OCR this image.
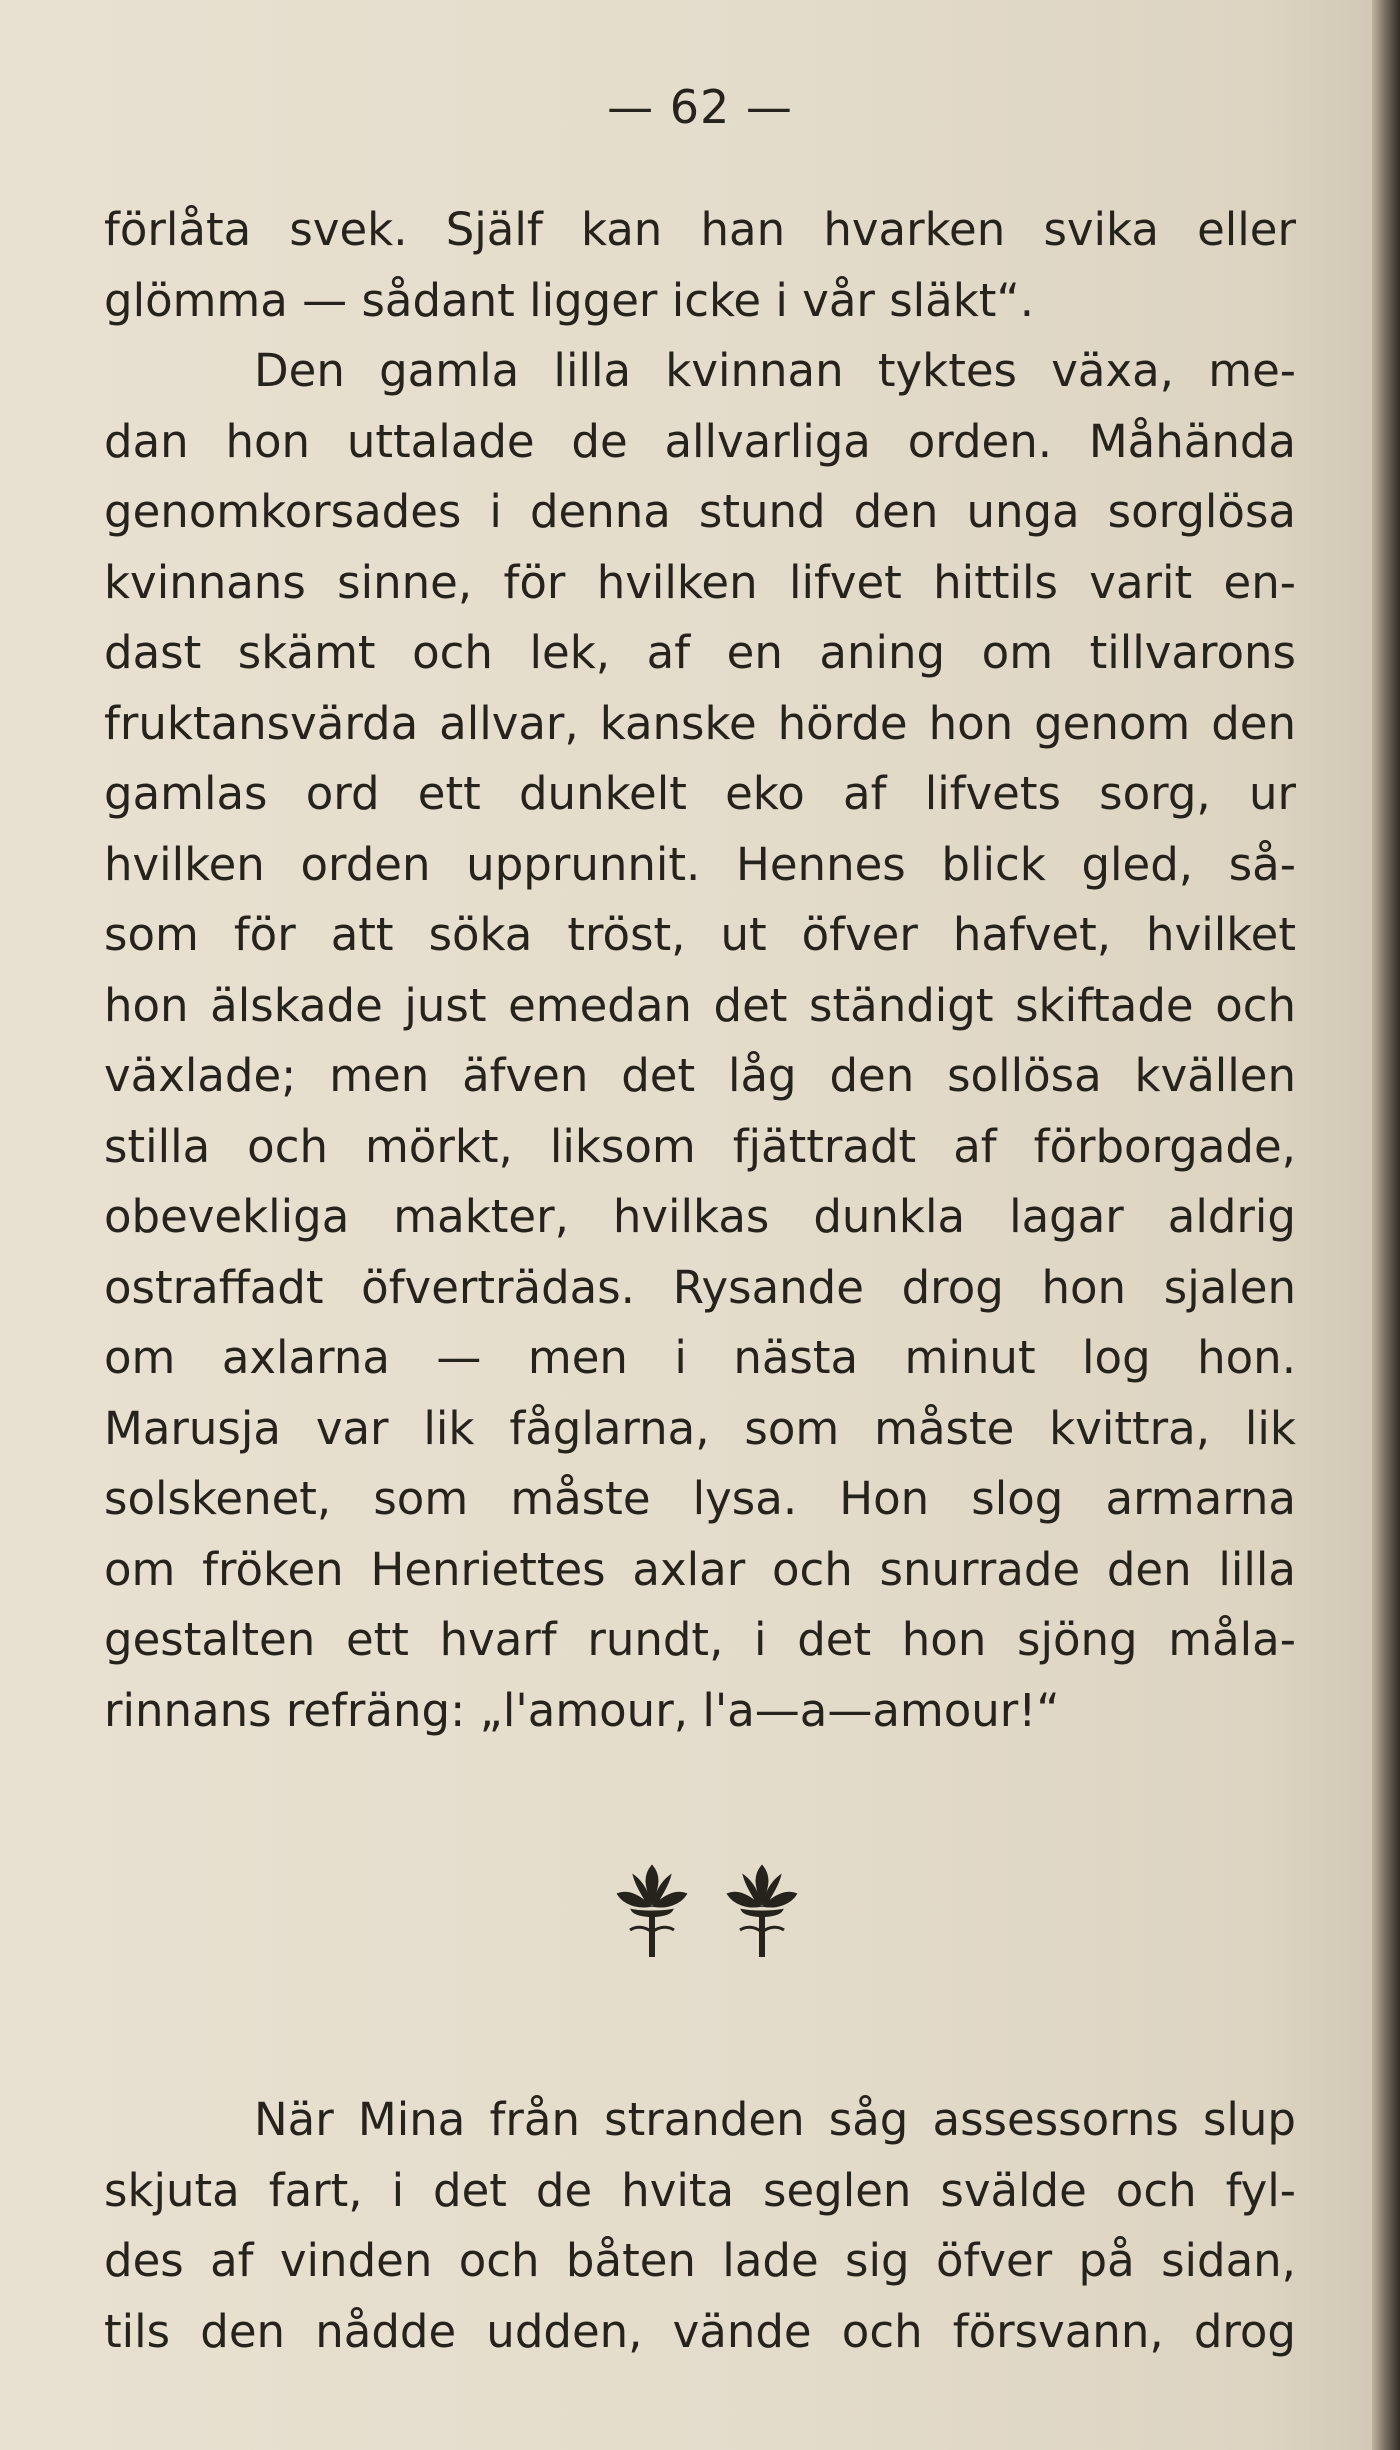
— 62 —

förlåta svek. Själf kan han hvarken svika eller
glömma — sådant ligger icke i vår släkt“.

Den gamla lilla kvinnan tyktes växa, me-
dan hon uttalade de allvarliga orden. Måhända
genomkorsades i denna stund den unga sorglösa
kvinnans sinne, för hvilken lifvet hittils varit en-
dast skämt och lek, af en aning om tillvarons
fruktansvärda allvar, kanske hörde hon genom den
gamlas ord ett dunkelt eko af lifvets sorg, ur
hvilken orden upprunnit. Hennes blick gled, så-
som för att söka tröst, ut öfver hafvet, hvilket
hon älskade just emedan det ständigt skiftade och
växlade; men äfven det låg den sollösa kvällen
stilla och mörkt, liksom fjättradt af förborgade,
obevekliga makter, hvilkas dunkla lagar aldrig
ostraffadt öfverträdas. Rysande drog hon sjalen
om axlarna — men i nästa minut log hon.
Marusja var lik fåglarna, som måste kvittra, lik
solskenet, som måste lysa. Hon slog armarna
om fröken Henriettes axlar och snurrade den lilla
gestalten ett hvarf rundt, i det hon sjöng måla-
rinnans refräng: „l'amour, l'a—a—amour!“

När Mina från stranden såg assessorns slup
skjuta fart, i det de hvita seglen svälde och fyl-
des af vinden och båten lade sig öfver på sidan,
tils den nådde udden, vände och försvann, drog
